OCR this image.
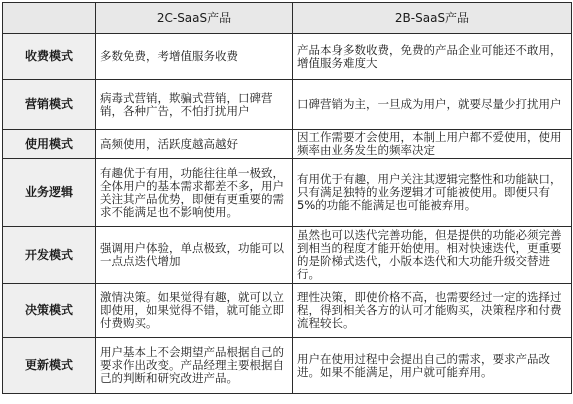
	2C-SaaS产品	2B-SaaS产品
收费模式	多数免费，考增值服务收费	产品本身多数收费，免费的产品企业可能还不敢用，增值服务难度大
营销模式	病毒式营销，欺骗式营销，口碑营销，各种广告，不怕打扰用户	口碑营销为主，一旦成为用户，就要尽量少打扰用户
使用模式	高频使用，活跃度越高越好	因工作需要才会使用，本制上用户都不爱使用，使用频率由业务发生的频率决定
业务逻辑	有趣优于有用，功能往往单一极致，全体用户的基本需求都差不多，用户关注其产品优势，即便有更重要的需求不能满足也不影响使用。	有用优于有趣，用户关注其逻辑完整性和功能缺口，只有满足独特的业务逻辑才可能被使用。即便只有5%的功能不能满足也可能被弃用。
开发模式	强调用户体验，单点极致，功能可以一点点迭代增加	虽然也可以迭代完善功能，但是提供的功能必须完善到相当的程度才能开始使用。相对快速迭代，更重要的是阶梯式迭代，小版本迭代和大功能升级交替进行。
决策模式	激情决策。如果觉得有趣，就可以立即使用，如果觉得不错，就可能立即付费购买。	理性决策，即使价格不高，也需要经过一定的选择过程，得到相关各方的认可才能购买，决策程序和付费流程较长。
更新模式	用户基本上不会期望产品根据自己的要求作出改变。产品经理主要根据自己的判断和研究改进产品。	用户在使用过程中会提出自己的需求，要求产品改进。如果不能满足，用户就可能弃用。
